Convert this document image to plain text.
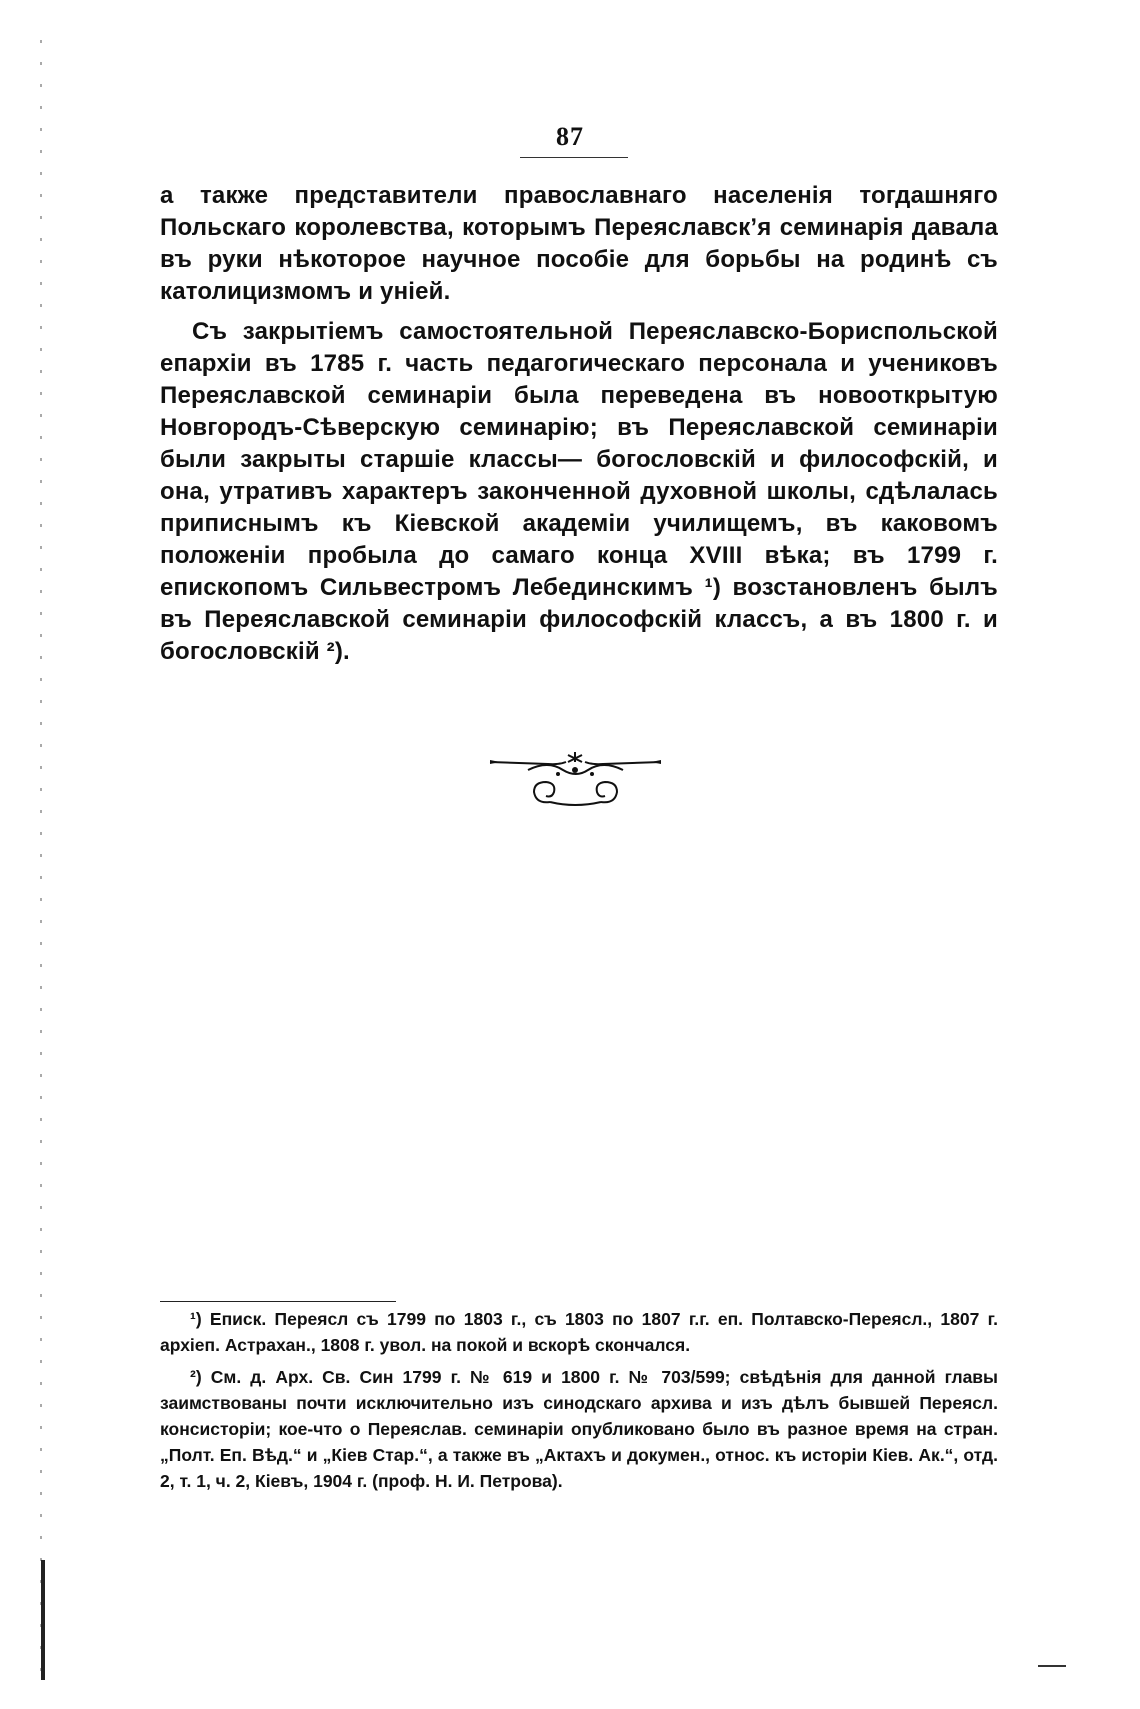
87

а также представители православнаго населенія тогдашняго Польскаго королевства, которымъ Переяславскʼя семинарія давала въ руки нѣкоторое научное пособіе для борьбы на родинѣ съ католицизмомъ и уніей.

Съ закрытіемъ самостоятельной Переяславско-Бориспольской епархіи въ 1785 г. часть педагогическаго персонала и учениковъ Переяславской семинаріи была переведена въ новооткрытую Новгородъ-Сѣверскую семинарію; въ Переяславской семинаріи были закрыты старшіе классы— богословскій и философскій, и она, утративъ характеръ законченной духовной школы, сдѣлалась приписнымъ къ Кіевской академіи училищемъ, въ каковомъ положеніи пробыла до самаго конца XVIII вѣка; въ 1799 г. епископомъ Сильвестромъ Лебединскимъ ¹) возстановленъ былъ въ Переяславской семинаріи философскій классъ, а въ 1800 г. и богословскій ²).

¹) Еписк. Переясл съ 1799 по 1803 г., съ 1803 по 1807 г.г. еп. Полтавско-Переясл., 1807 г. архіеп. Астрахан., 1808 г. увол. на покой и вскорѣ скончался.

²) См. д. Арх. Св. Син 1799 г. № 619 и 1800 г. № 703/599; свѣдѣнія для данной главы заимствованы почти исключительно изъ синодскаго архива и изъ дѣлъ бывшей Переясл. консисторіи; кое-что о Переяслав. семинаріи опубликовано было въ разное время на стран. „Полт. Еп. Вѣд.“ и „Кіев Стар.“, а также въ „Актахъ и докумен., относ. къ исторіи Кіев. Ак.“, отд. 2, т. 1, ч. 2, Кіевъ, 1904 г. (проф. Н. И. Петрова).
